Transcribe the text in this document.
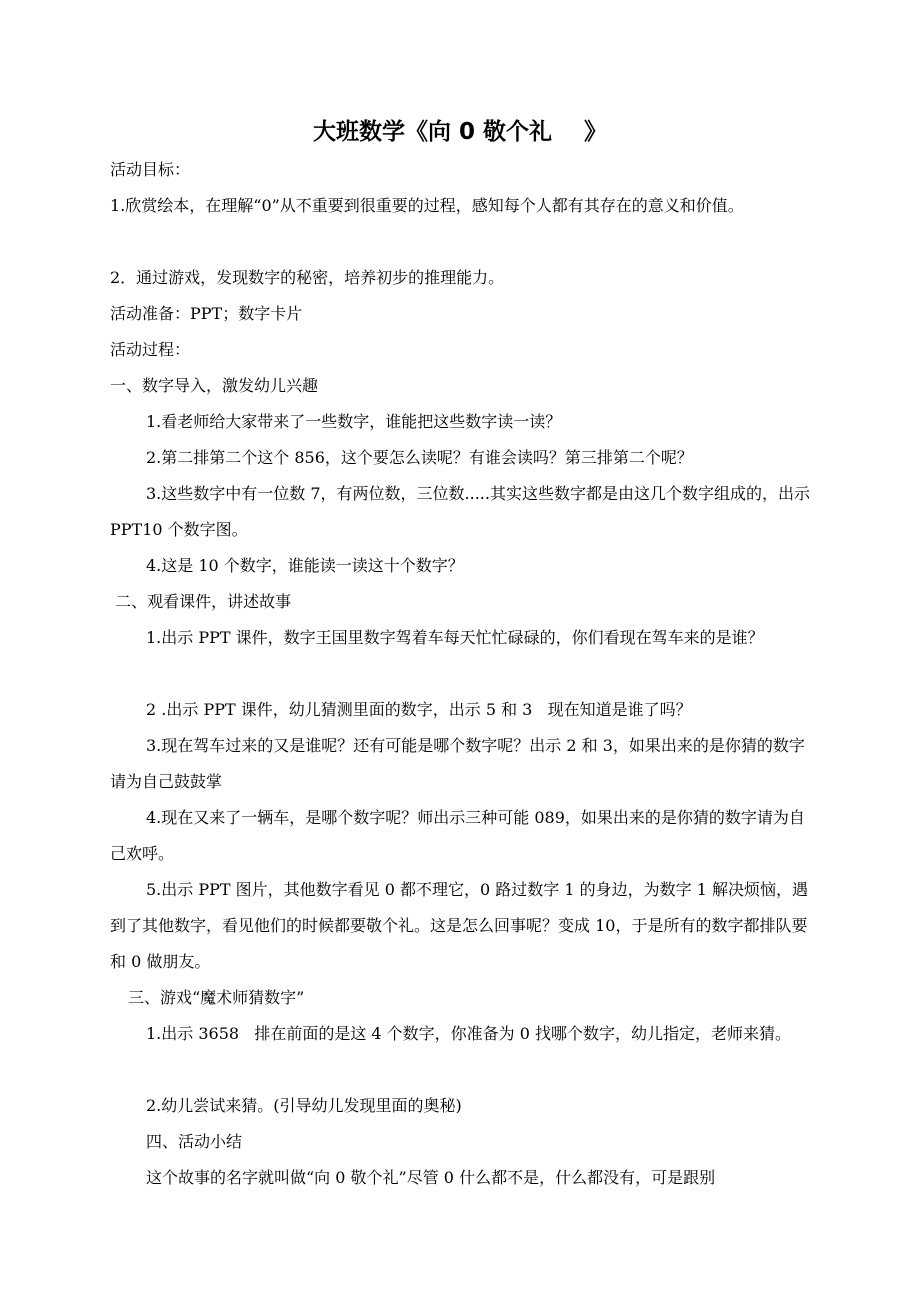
大班数学《向 0 敬个礼    》
活动目标：
1.欣赏绘本，在理解“0”从不重要到很重要的过程，感知每个人都有其存在的意义和价值。
2．通过游戏，发现数字的秘密，培养初步的推理能力。
活动准备：PPT；数字卡片
活动过程：
一、数字导入，激发幼儿兴趣
1.看老师给大家带来了一些数字，谁能把这些数字读一读？
2.第二排第二个这个 856，这个要怎么读呢？有谁会读吗？第三排第二个呢？
3.这些数字中有一位数 7，有两位数，三位数.....其实这些数字都是由这几个数字组成的，出示 PPT10 个数字图。
4.这是 10 个数字，谁能读一读这十个数字？
二、观看课件，讲述故事
1.出示 PPT 课件，数字王国里数字驾着车每天忙忙碌碌的，你们看现在驾车来的是谁？
2 .出示 PPT 课件，幼儿猜测里面的数字，出示 5 和 3   现在知道是谁了吗？
3.现在驾车过来的又是谁呢？还有可能是哪个数字呢？出示 2 和 3，如果出来的是你猜的数字请为自己鼓鼓掌
4.现在又来了一辆车，是哪个数字呢？师出示三种可能 089，如果出来的是你猜的数字请为自己欢呼。
5.出示 PPT 图片，其他数字看见 0 都不理它，0 路过数字 1 的身边，为数字 1 解决烦恼，遇到了其他数字，看见他们的时候都要敬个礼。这是怎么回事呢？变成 10，于是所有的数字都排队要和 0 做朋友。
三、游戏“魔术师猜数字”
1.出示 3658   排在前面的是这 4 个数字，你准备为 0 找哪个数字，幼儿指定，老师来猜。
2.幼儿尝试来猜。(引导幼儿发现里面的奥秘)
四、活动小结
这个故事的名字就叫做“向 0 敬个礼”尽管 0 什么都不是，什么都没有，可是跟别
